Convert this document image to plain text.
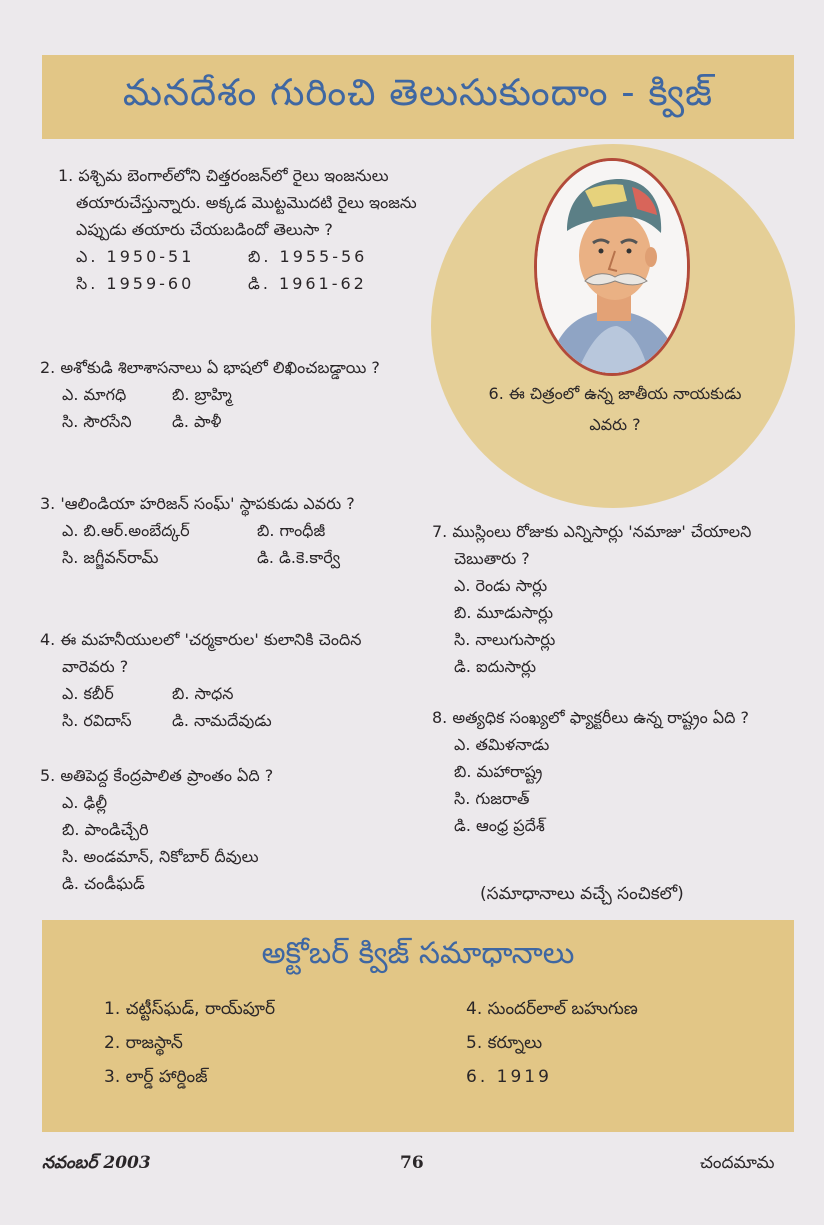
మనదేశం గురించి తెలుసుకుందాం - క్విజ్
1. పశ్చిమ బెంగాల్‌లోని చిత్తరంజన్‌లో రైలు ఇంజనులు తయారుచేస్తున్నారు. అక్కడ మొట్టమొదటి రైలు ఇంజను ఎప్పుడు తయారు చేయబడిందో తెలుసా ?
ఎ. 1950-51	బి. 1955-56
సి. 1959-60	డి. 1961-62
2. అశోకుడి శిలాశాసనాలు ఏ భాషలో లిఖించబడ్డాయి ?
ఎ. మాగధి	బి. బ్రాహ్మి
సి. సౌరసేని	డి. పాళీ
3. 'ఆలిండియా హరిజన్ సంఘ్' స్థాపకుడు ఎవరు ?
ఎ. బి.ఆర్.అంబేద్కర్	బి. గాంధీజీ
సి. జగ్జీవన్‌రామ్	డి. డి.కె.కార్వే
4. ఈ మహనీయులలో 'చర్మకారుల' కులానికి చెందిన వారెవరు ?
ఎ. కబీర్	బి. సాధన
సి. రవిదాస్	డి. నామదేవుడు
5. అతిపెద్ద కేంద్రపాలిత ప్రాంతం ఏది ?
ఎ. ఢిల్లీ
బి. పాండిచ్చేరి
సి. అండమాన్, నికోబార్ దీవులు
డి. చండీఘడ్
6. ఈ చిత్రంలో ఉన్న జాతీయ నాయకుడు ఎవరు ?
7. ముస్లింలు రోజుకు ఎన్నిసార్లు 'నమాజు' చేయాలని చెబుతారు ?
ఎ. రెండు సార్లు
బి. మూడుసార్లు
సి. నాలుగుసార్లు
డి. ఐదుసార్లు
8. అత్యధిక సంఖ్యలో ఫ్యాక్టరీలు ఉన్న రాష్ట్రం ఏది ?
ఎ. తమిళనాడు
బి. మహారాష్ట్ర
సి. గుజరాత్
డి. ఆంధ్ర ప్రదేశ్
(సమాధానాలు వచ్చే సంచికలో)
అక్టోబర్ క్విజ్ సమాధానాలు
1. చట్టీస్‌ఘడ్, రాయ్‌పూర్
2. రాజస్థాన్
3. లార్డ్ హార్డింజ్
4. సుందర్‌లాల్ బహుగుణ
5. కర్నూలు
6. 1919
నవంబర్ 2003	76	చందమామ
